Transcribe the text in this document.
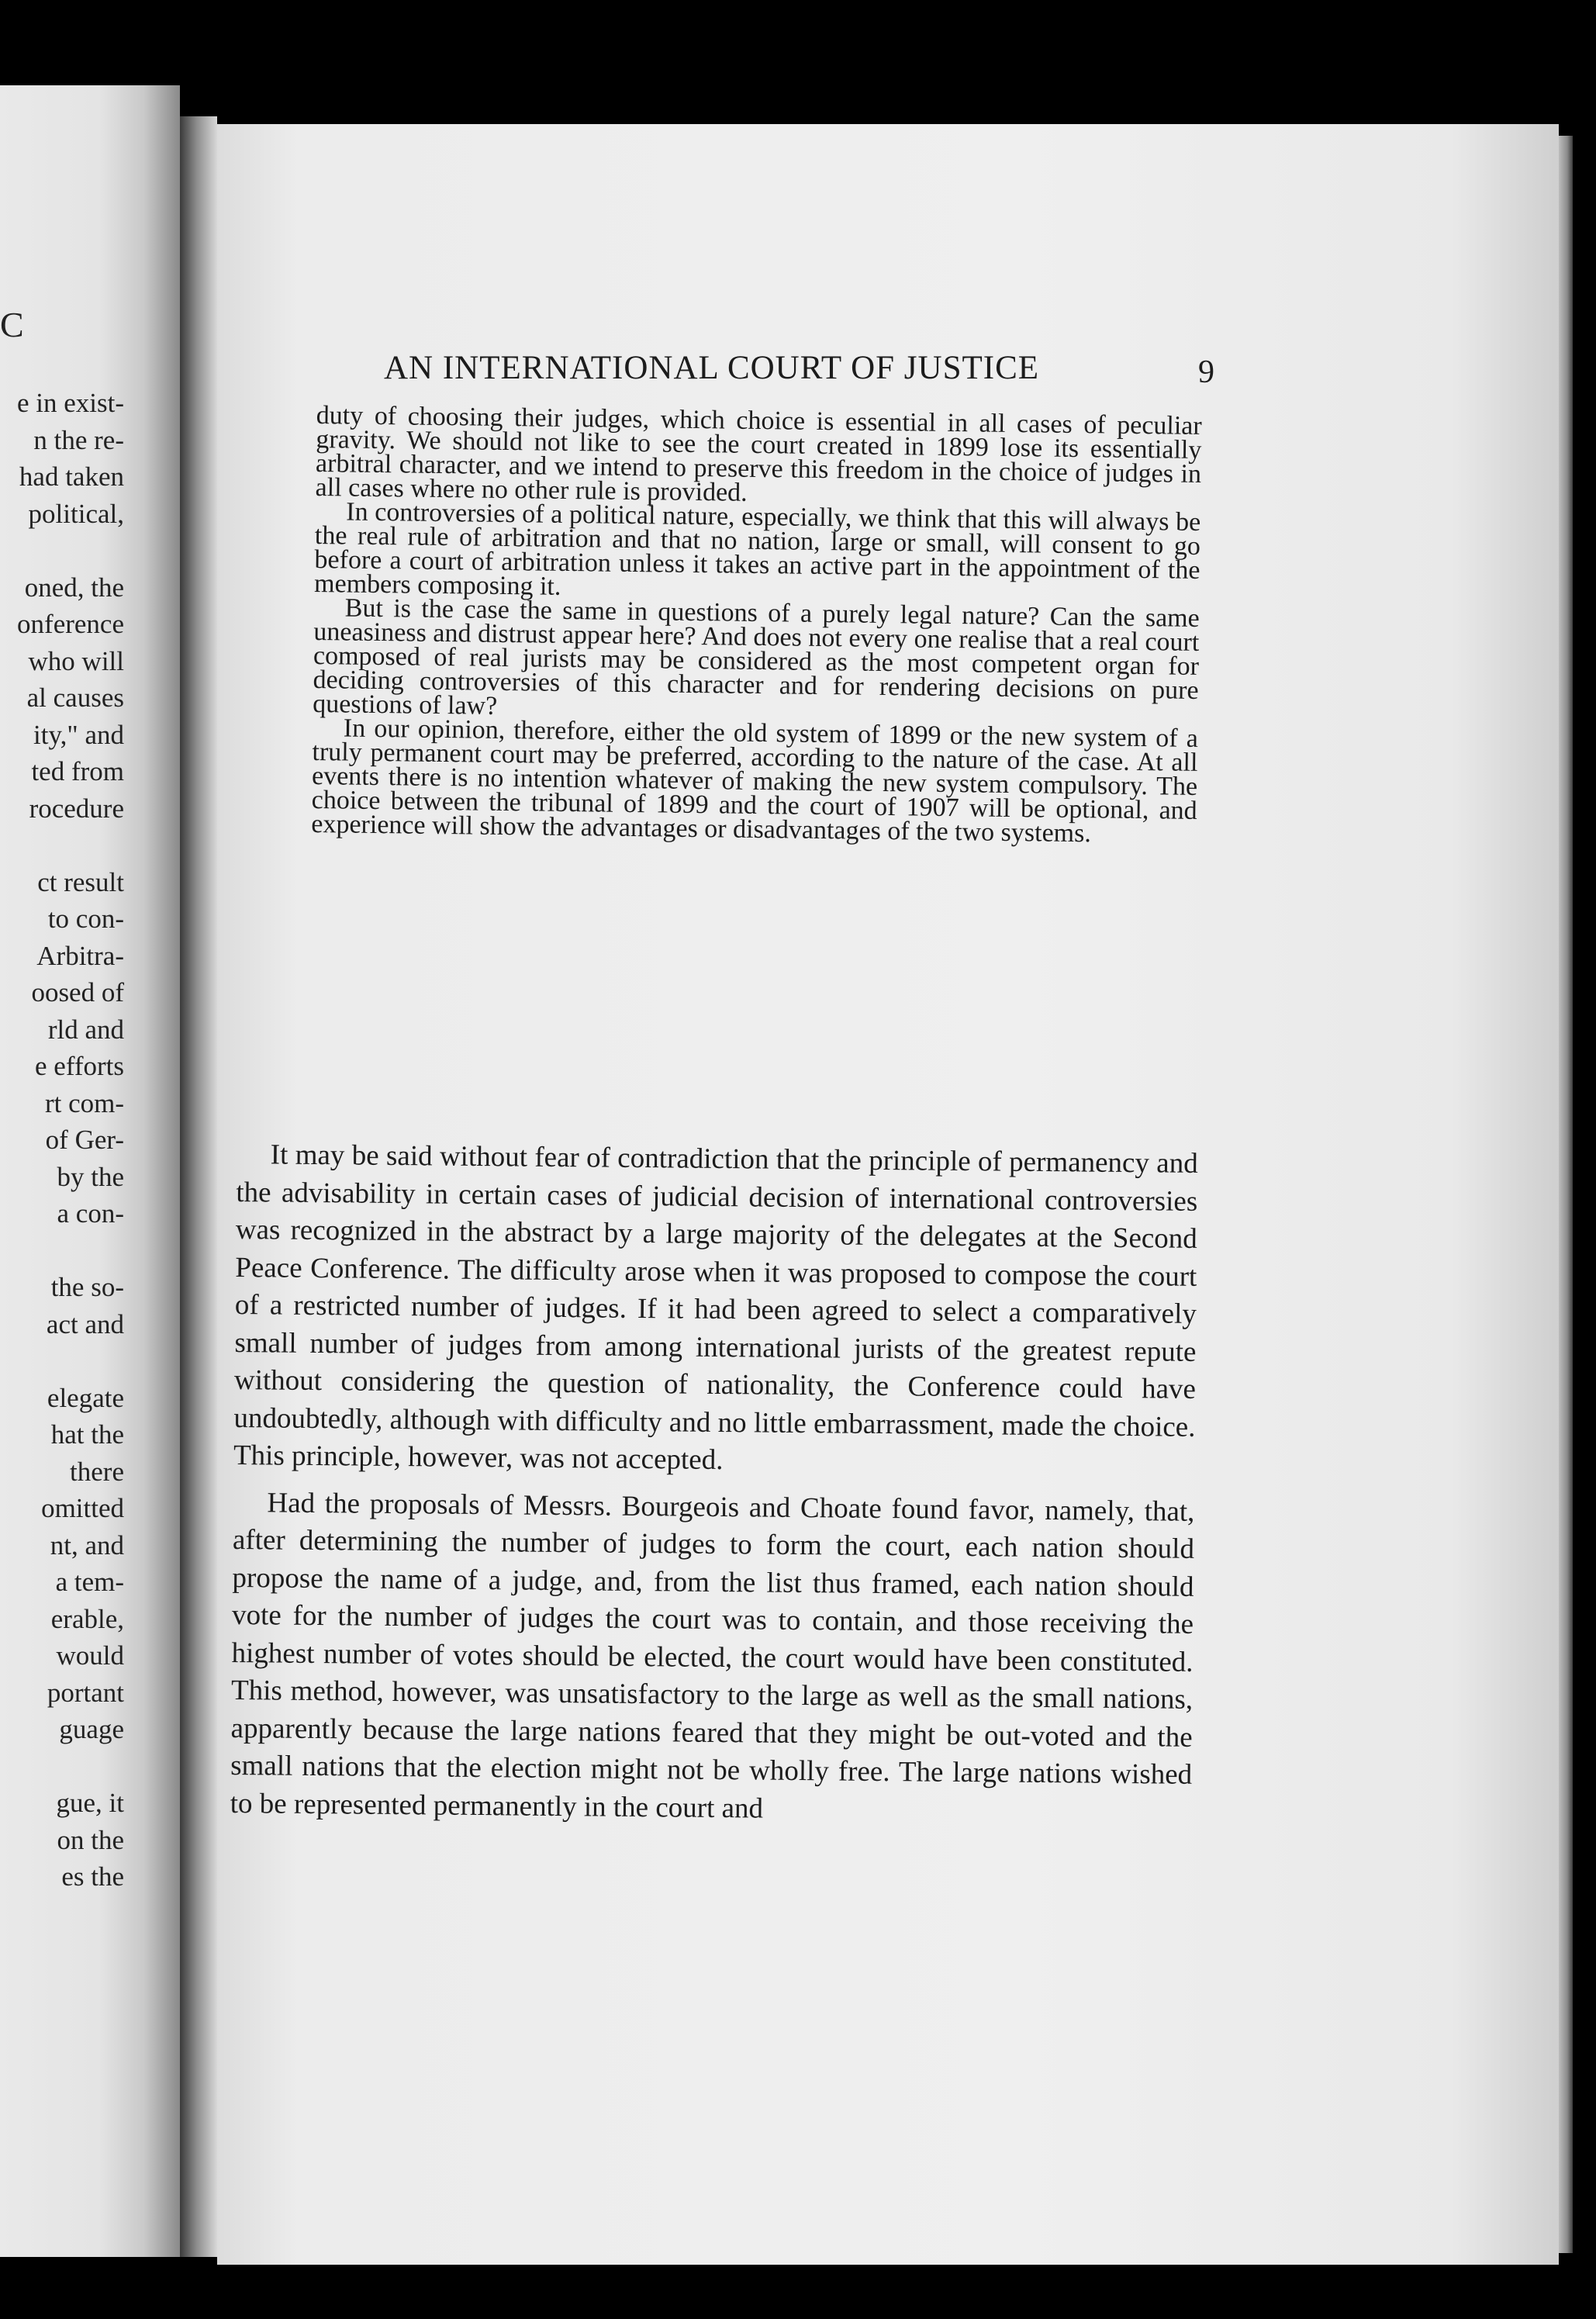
C
e in exist-
n the re-
had taken
political,
oned, the
onference
who will
al causes
ity," and
ted from
rocedure
ct result
to con-
Arbitra-
oosed of
rld and
e efforts
rt com-
of Ger-
by the
a con-
the so-
act and
elegate
hat the
there
omitted
nt, and
a tem-
erable,
would
portant
guage
gue, it
on the
es the
AN INTERNATIONAL COURT OF JUSTICE	9

duty of choosing their judges, which choice is essential in all cases of peculiar gravity. We should not like to see the court created in 1899 lose its essentially arbitral character, and we intend to preserve this freedom in the choice of judges in all cases where no other rule is provided.

In controversies of a political nature, especially, we think that this will always be the real rule of arbitration and that no nation, large or small, will consent to go before a court of arbitration unless it takes an active part in the appointment of the members composing it.

But is the case the same in questions of a purely legal nature? Can the same uneasiness and distrust appear here? And does not every one realise that a real court composed of real jurists may be considered as the most competent organ for deciding controversies of this character and for rendering decisions on pure questions of law?

In our opinion, therefore, either the old system of 1899 or the new system of a truly permanent court may be preferred, according to the nature of the case. At all events there is no intention whatever of making the new system compulsory. The choice between the tribunal of 1899 and the court of 1907 will be optional, and experience will show the advantages or disadvantages of the two systems.

It may be said without fear of contradiction that the principle of permanency and the advisability in certain cases of judicial decision of international controversies was recognized in the abstract by a large majority of the delegates at the Second Peace Conference. The difficulty arose when it was proposed to compose the court of a restricted number of judges. If it had been agreed to select a comparatively small number of judges from among international jurists of the greatest repute without considering the question of nationality, the Conference could have undoubtedly, although with difficulty and no little embarrassment, made the choice. This principle, however, was not accepted.

Had the proposals of Messrs. Bourgeois and Choate found favor, namely, that, after determining the number of judges to form the court, each nation should propose the name of a judge, and, from the list thus framed, each nation should vote for the number of judges the court was to contain, and those receiving the highest number of votes should be elected, the court would have been constituted. This method, however, was unsatisfactory to the large as well as the small nations, apparently because the large nations feared that they might be out-voted and the small nations that the election might not be wholly free. The large nations wished to be represented permanently in the court and
